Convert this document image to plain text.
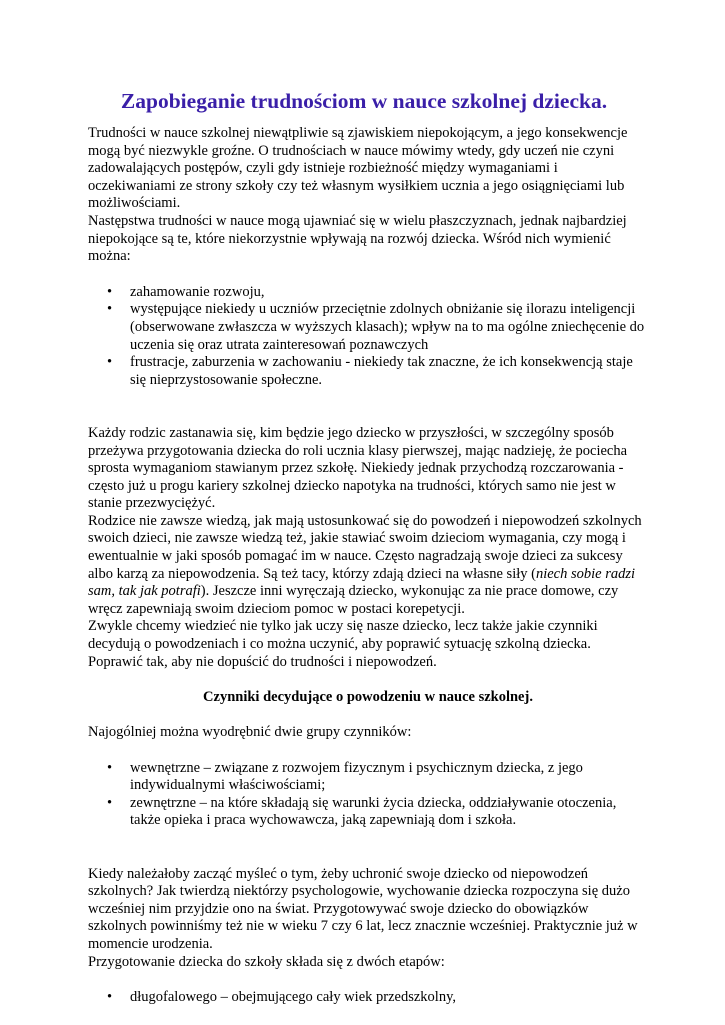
Zapobieganie trudnościom w nauce szkolnej dziecka.

Trudności w nauce szkolnej niewątpliwie są zjawiskiem niepokojącym, a jego konsekwencje mogą być niezwykle groźne. O trudnościach w nauce mówimy wtedy, gdy uczeń nie czyni zadowalających postępów, czyli gdy istnieje rozbieżność między wymaganiami i oczekiwaniami ze strony szkoły czy też własnym wysiłkiem ucznia a jego osiągnięciami lub możliwościami.

Następstwa trudności w nauce mogą ujawniać się w wielu płaszczyznach, jednak najbardziej niepokojące są te, które niekorzystnie wpływają na rozwój dziecka. Wśród nich wymienić można:

• zahamowanie rozwoju,
• występujące niekiedy u uczniów przeciętnie zdolnych obniżanie się ilorazu inteligencji (obserwowane zwłaszcza w wyższych klasach); wpływ na to ma ogólne zniechęcenie do uczenia się oraz utrata zainteresowań poznawczych
• frustracje, zaburzenia w zachowaniu - niekiedy tak znaczne, że ich konsekwencją staje się nieprzystosowanie społeczne.

Każdy rodzic zastanawia się, kim będzie jego dziecko w przyszłości, w szczególny sposób przeżywa przygotowania dziecka do roli ucznia klasy pierwszej, mając nadzieję, że pociecha sprosta wymaganiom stawianym przez szkołę. Niekiedy jednak przychodzą rozczarowania - często już u progu kariery szkolnej dziecko napotyka na trudności, których samo nie jest w stanie przezwyciężyć.

Rodzice nie zawsze wiedzą, jak mają ustosunkować się do powodzeń i niepowodzeń szkolnych swoich dzieci, nie zawsze wiedzą też, jakie stawiać swoim dzieciom wymagania, czy mogą i ewentualnie w jaki sposób pomagać im w nauce. Często nagradzają swoje dzieci za sukcesy albo karzą za niepowodzenia. Są też tacy, którzy zdają dzieci na własne siły (niech sobie radzi sam, tak jak potrafi). Jeszcze inni wyręczają dziecko, wykonując za nie prace domowe, czy wręcz zapewniają swoim dzieciom pomoc w postaci korepetycji.

Zwykle chcemy wiedzieć nie tylko jak uczy się nasze dziecko, lecz także jakie czynniki decydują o powodzeniach i co można uczynić, aby poprawić sytuację szkolną dziecka.

Poprawić tak, aby nie dopuścić do trudności i niepowodzeń.

Czynniki decydujące o powodzeniu w nauce szkolnej.

Najogólniej można wyodrębnić dwie grupy czynników:

• wewnętrzne – związane z rozwojem fizycznym i psychicznym dziecka, z jego indywidualnymi właściwościami;
• zewnętrzne – na które składają się warunki życia dziecka, oddziaływanie otoczenia, także opieka i praca wychowawcza, jaką zapewniają dom i szkoła.

Kiedy należałoby zacząć myśleć o tym, żeby uchronić swoje dziecko od niepowodzeń szkolnych? Jak twierdzą niektórzy psychologowie, wychowanie dziecka rozpoczyna się dużo wcześniej nim przyjdzie ono na świat. Przygotowywać swoje dziecko do obowiązków szkolnych powinniśmy też nie w wieku 7 czy 6 lat, lecz znacznie wcześniej. Praktycznie już w momencie urodzenia.

Przygotowanie dziecka do szkoły składa się z dwóch etapów:

• długofalowego – obejmującego cały wiek przedszkolny,
